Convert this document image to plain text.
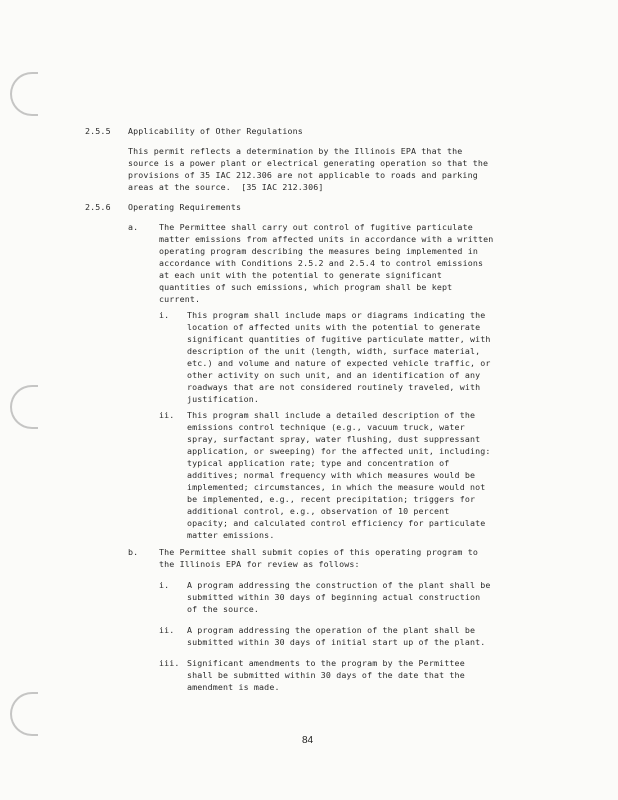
2.5.5 Applicability of Other Regulations
This permit reflects a determination by the Illinois EPA that the
source is a power plant or electrical generating operation so that the
provisions of 35 IAC 212.306 are not applicable to roads and parking
areas at the source.  [35 IAC 212.306]
2.5.6 Operating Requirements
a. The Permittee shall carry out control of fugitive particulate
matter emissions from affected units in accordance with a written
operating program describing the measures being implemented in
accordance with Conditions 2.5.2 and 2.5.4 to control emissions
at each unit with the potential to generate significant
quantities of such emissions, which program shall be kept
current.
i. This program shall include maps or diagrams indicating the
location of affected units with the potential to generate
significant quantities of fugitive particulate matter, with
description of the unit (length, width, surface material,
etc.) and volume and nature of expected vehicle traffic, or
other activity on such unit, and an identification of any
roadways that are not considered routinely traveled, with
justification.
ii. This program shall include a detailed description of the
emissions control technique (e.g., vacuum truck, water
spray, surfactant spray, water flushing, dust suppressant
application, or sweeping) for the affected unit, including:
typical application rate; type and concentration of
additives; normal frequency with which measures would be
implemented; circumstances, in which the measure would not
be implemented, e.g., recent precipitation; triggers for
additional control, e.g., observation of 10 percent
opacity; and calculated control efficiency for particulate
matter emissions.
b. The Permittee shall submit copies of this operating program to
the Illinois EPA for review as follows:
i. A program addressing the construction of the plant shall be
submitted within 30 days of beginning actual construction
of the source.
ii. A program addressing the operation of the plant shall be
submitted within 30 days of initial start up of the plant.
iii. Significant amendments to the program by the Permittee
shall be submitted within 30 days of the date that the
amendment is made.
84
